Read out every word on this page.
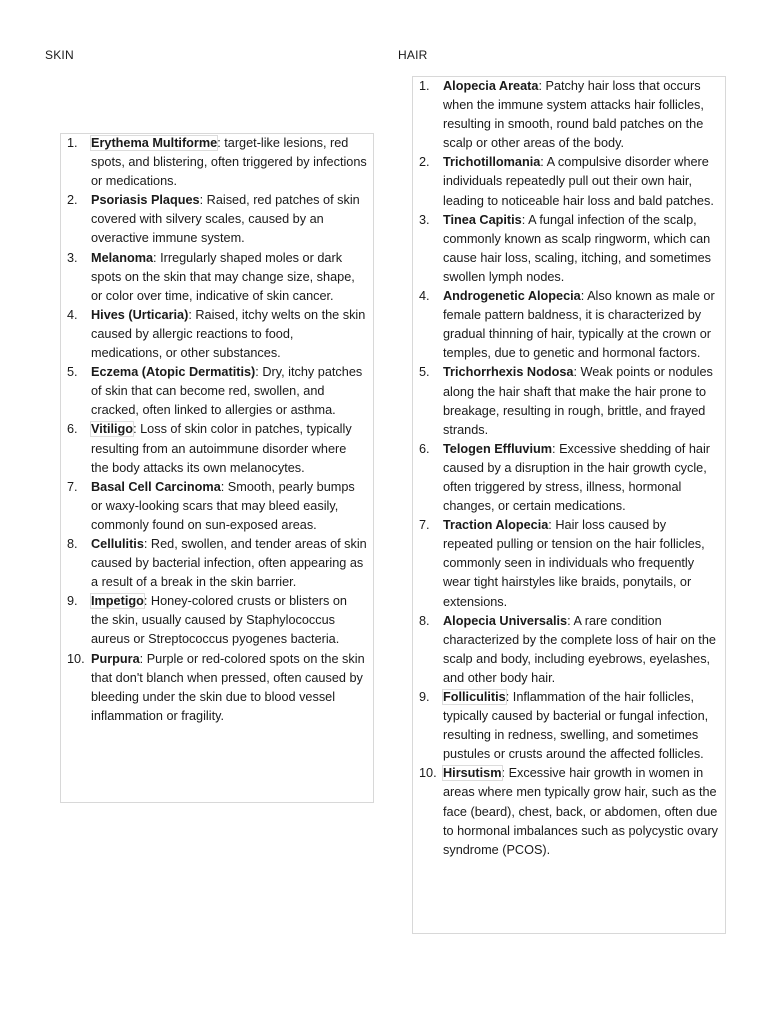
SKIN	HAIR
1. Erythema Multiforme: target-like lesions, red spots, and blistering, often triggered by infections or medications.
2. Psoriasis Plaques: Raised, red patches of skin covered with silvery scales, caused by an overactive immune system.
3. Melanoma: Irregularly shaped moles or dark spots on the skin that may change size, shape, or color over time, indicative of skin cancer.
4. Hives (Urticaria): Raised, itchy welts on the skin caused by allergic reactions to food, medications, or other substances.
5. Eczema (Atopic Dermatitis): Dry, itchy patches of skin that can become red, swollen, and cracked, often linked to allergies or asthma.
6. Vitiligo: Loss of skin color in patches, typically resulting from an autoimmune disorder where the body attacks its own melanocytes.
7. Basal Cell Carcinoma: Smooth, pearly bumps or waxy-looking scars that may bleed easily, commonly found on sun-exposed areas.
8. Cellulitis: Red, swollen, and tender areas of skin caused by bacterial infection, often appearing as a result of a break in the skin barrier.
9. Impetigo: Honey-colored crusts or blisters on the skin, usually caused by Staphylococcus aureus or Streptococcus pyogenes bacteria.
10. Purpura: Purple or red-colored spots on the skin that don't blanch when pressed, often caused by bleeding under the skin due to blood vessel inflammation or fragility.
1. Alopecia Areata: Patchy hair loss that occurs when the immune system attacks hair follicles, resulting in smooth, round bald patches on the scalp or other areas of the body.
2. Trichotillomania: A compulsive disorder where individuals repeatedly pull out their own hair, leading to noticeable hair loss and bald patches.
3. Tinea Capitis: A fungal infection of the scalp, commonly known as scalp ringworm, which can cause hair loss, scaling, itching, and sometimes swollen lymph nodes.
4. Androgenetic Alopecia: Also known as male or female pattern baldness, it is characterized by gradual thinning of hair, typically at the crown or temples, due to genetic and hormonal factors.
5. Trichorrhexis Nodosa: Weak points or nodules along the hair shaft that make the hair prone to breakage, resulting in rough, brittle, and frayed strands.
6. Telogen Effluvium: Excessive shedding of hair caused by a disruption in the hair growth cycle, often triggered by stress, illness, hormonal changes, or certain medications.
7. Traction Alopecia: Hair loss caused by repeated pulling or tension on the hair follicles, commonly seen in individuals who frequently wear tight hairstyles like braids, ponytails, or extensions.
8. Alopecia Universalis: A rare condition characterized by the complete loss of hair on the scalp and body, including eyebrows, eyelashes, and other body hair.
9. Folliculitis: Inflammation of the hair follicles, typically caused by bacterial or fungal infection, resulting in redness, swelling, and sometimes pustules or crusts around the affected follicles.
10. Hirsutism: Excessive hair growth in women in areas where men typically grow hair, such as the face (beard), chest, back, or abdomen, often due to hormonal imbalances such as polycystic ovary syndrome (PCOS).
